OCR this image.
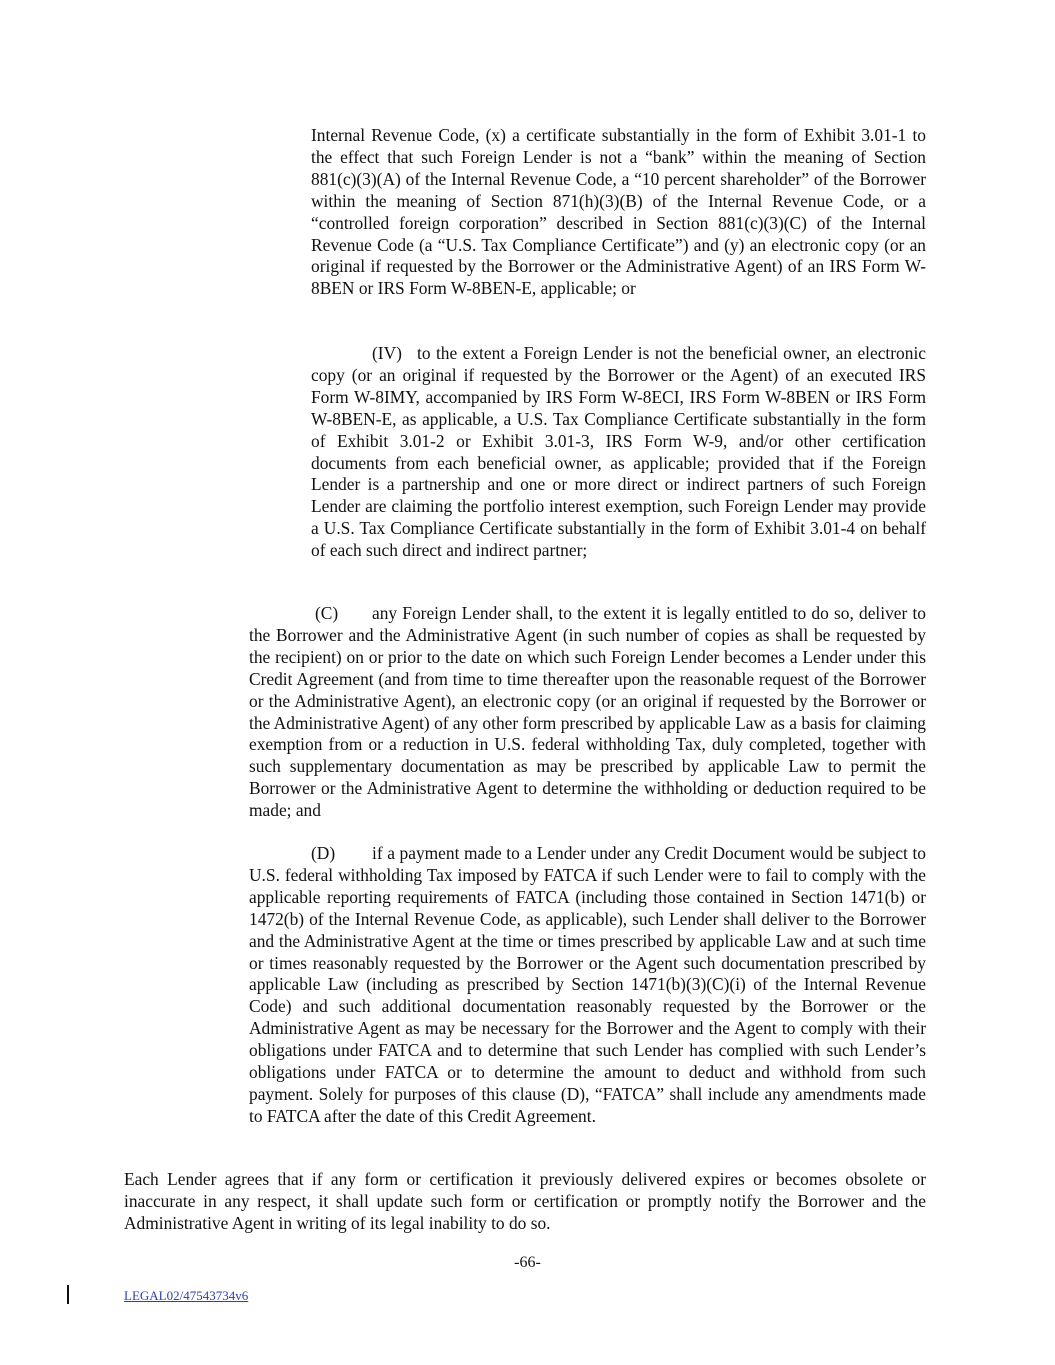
Internal Revenue Code, (x) a certificate substantially in the form of Exhibit 3.01-1 to the effect that such Foreign Lender is not a “bank” within the meaning of Section 881(c)(3)(A) of the Internal Revenue Code, a “10 percent shareholder” of the Borrower within the meaning of Section 871(h)(3)(B) of the Internal Revenue Code, or a “controlled foreign corporation” described in Section 881(c)(3)(C) of the Internal Revenue Code (a “U.S. Tax Compliance Certificate”) and (y) an electronic copy (or an original if requested by the Borrower or the Administrative Agent) of an IRS Form W-8BEN or IRS Form W-8BEN-E, applicable; or

(IV) to the extent a Foreign Lender is not the beneficial owner, an electronic copy (or an original if requested by the Borrower or the Agent) of an executed IRS Form W-8IMY, accompanied by IRS Form W-8ECI, IRS Form W-8BEN or IRS Form W-8BEN-E, as applicable, a U.S. Tax Compliance Certificate substantially in the form of Exhibit 3.01-2 or Exhibit 3.01-3, IRS Form W-9, and/or other certification documents from each beneficial owner, as applicable; provided that if the Foreign Lender is a partnership and one or more direct or indirect partners of such Foreign Lender are claiming the portfolio interest exemption, such Foreign Lender may provide a U.S. Tax Compliance Certificate substantially in the form of Exhibit 3.01-4 on behalf of each such direct and indirect partner;

(C) any Foreign Lender shall, to the extent it is legally entitled to do so, deliver to the Borrower and the Administrative Agent (in such number of copies as shall be requested by the recipient) on or prior to the date on which such Foreign Lender becomes a Lender under this Credit Agreement (and from time to time thereafter upon the reasonable request of the Borrower or the Administrative Agent), an electronic copy (or an original if requested by the Borrower or the Administrative Agent) of any other form prescribed by applicable Law as a basis for claiming exemption from or a reduction in U.S. federal withholding Tax, duly completed, together with such supplementary documentation as may be prescribed by applicable Law to permit the Borrower or the Administrative Agent to determine the withholding or deduction required to be made; and

(D) if a payment made to a Lender under any Credit Document would be subject to U.S. federal withholding Tax imposed by FATCA if such Lender were to fail to comply with the applicable reporting requirements of FATCA (including those contained in Section 1471(b) or 1472(b) of the Internal Revenue Code, as applicable), such Lender shall deliver to the Borrower and the Administrative Agent at the time or times prescribed by applicable Law and at such time or times reasonably requested by the Borrower or the Agent such documentation prescribed by applicable Law (including as prescribed by Section 1471(b)(3)(C)(i) of the Internal Revenue Code) and such additional documentation reasonably requested by the Borrower or the Administrative Agent as may be necessary for the Borrower and the Agent to comply with their obligations under FATCA and to determine that such Lender has complied with such Lender’s obligations under FATCA or to determine the amount to deduct and withhold from such payment. Solely for purposes of this clause (D), “FATCA” shall include any amendments made to FATCA after the date of this Credit Agreement.

Each Lender agrees that if any form or certification it previously delivered expires or becomes obsolete or inaccurate in any respect, it shall update such form or certification or promptly notify the Borrower and the Administrative Agent in writing of its legal inability to do so.

-66-
LEGAL02/47543734v6
